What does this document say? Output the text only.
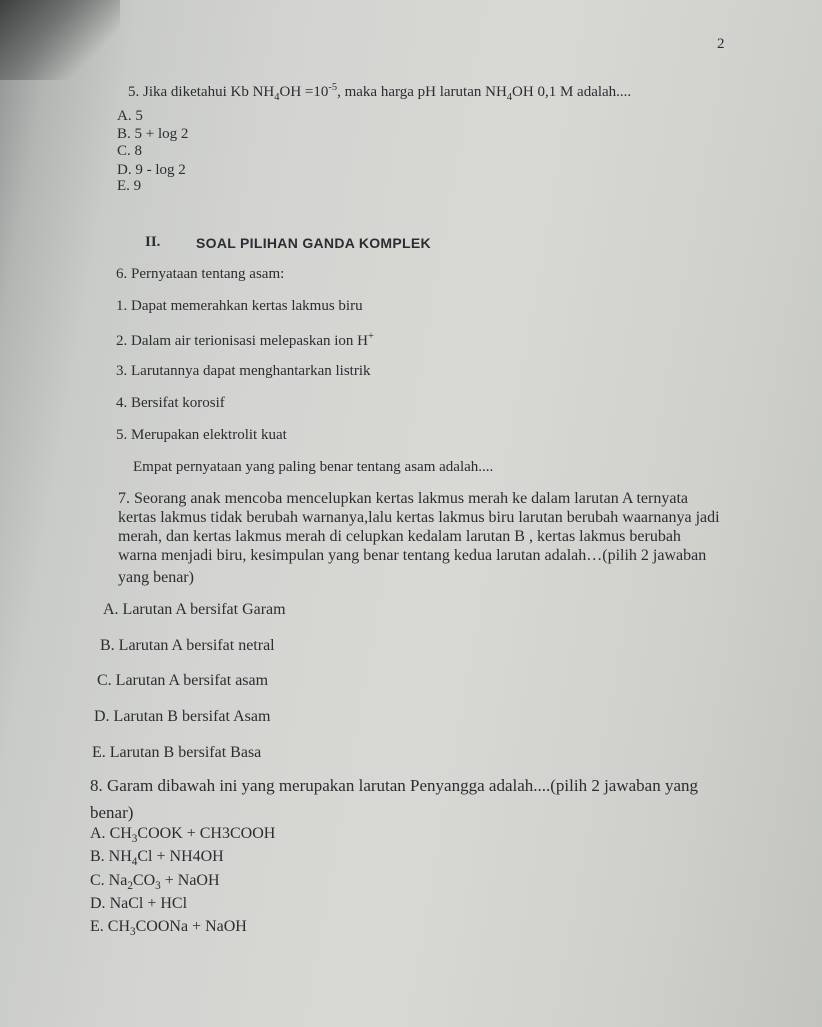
2
5. Jika diketahui Kb $NH_4OH =10^{-5}$, maka harga pH larutan $NH_4OH$ 0,1 M adalah....
A. 5
B. 5 + log 2
C. 8
D. 9 - log 2
E. 9
II.	SOAL PILIHAN GANDA KOMPLEK
6. Pernyataan tentang asam:
1. Dapat memerahkan kertas lakmus biru
2. Dalam air terionisasi melepaskan ion H+
3. Larutannya dapat menghantarkan listrik
4. Bersifat korosif
5. Merupakan elektrolit kuat
Empat pernyataan yang paling benar tentang asam adalah....
7. Seorang anak mencoba mencelupkan kertas lakmus merah ke dalam larutan A ternyata
kertas lakmus tidak berubah warnanya,lalu kertas lakmus biru larutan berubah waarnanya jadi
merah, dan kertas lakmus merah di celupkan kedalam larutan B , kertas lakmus berubah
warna menjadi biru, kesimpulan yang benar tentang kedua larutan adalah…(pilih 2 jawaban
yang benar)
A. Larutan A bersifat Garam
B. Larutan A bersifat netral
C. Larutan A bersifat asam
D. Larutan B bersifat Asam
E. Larutan B bersifat Basa
8. Garam dibawah ini yang merupakan larutan Penyangga adalah....(pilih 2 jawaban yang
benar)
A. $CH_3COOK$ + CH3COOH
B. $NH_4Cl + NH4OH$
C. $Na_2CO_3$ + NaOH
D. NaCl + HCl
E. $CH_3COONa$ + NaOH
